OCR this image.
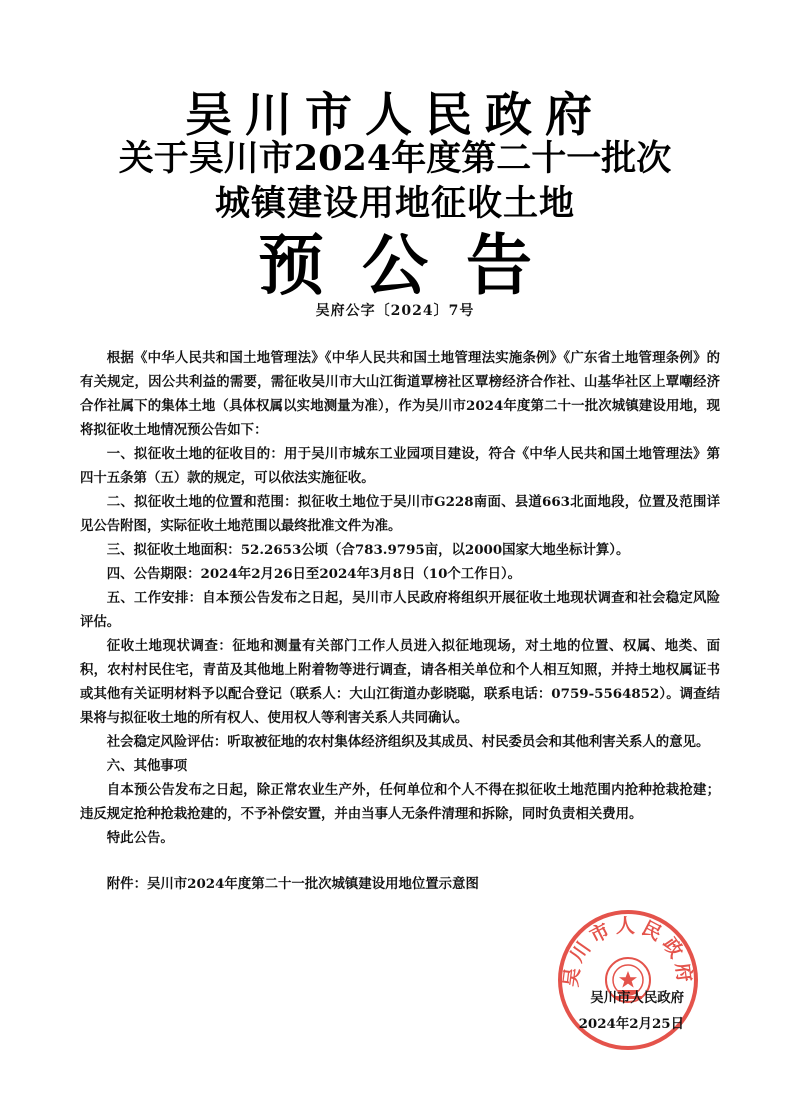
吴川市人民政府
关于吴川市2024年度第二十一批次
城镇建设用地征收土地
预公告
吴府公字〔2024〕7号

根据《中华人民共和国土地管理法》《中华人民共和国土地管理法实施条例》《广东省土地管理条例》的有关规定，因公共利益的需要，需征收吴川市大山江街道覃榜社区覃榜经济合作社、山基华社区上覃嘲经济合作社属下的集体土地（具体权属以实地测量为准），作为吴川市2024年度第二十一批次城镇建设用地，现将拟征收土地情况预公告如下：

一、拟征收土地的征收目的：用于吴川市城东工业园项目建设，符合《中华人民共和国土地管理法》第四十五条第（五）款的规定，可以依法实施征收。

二、拟征收土地的位置和范围：拟征收土地位于吴川市G228南面、县道663北面地段，位置及范围详见公告附图，实际征收土地范围以最终批准文件为准。

三、拟征收土地面积：52.2653公顷（合783.9795亩，以2000国家大地坐标计算）。

四、公告期限：2024年2月26日至2024年3月8日（10个工作日）。

五、工作安排：自本预公告发布之日起，吴川市人民政府将组织开展征收土地现状调查和社会稳定风险评估。

征收土地现状调查：征地和测量有关部门工作人员进入拟征地现场，对土地的位置、权属、地类、面积，农村村民住宅，青苗及其他地上附着物等进行调查，请各相关单位和个人相互知照，并持土地权属证书或其他有关证明材料予以配合登记（联系人：大山江街道办彭晓聪，联系电话：0759-5564852）。调查结果将与拟征收土地的所有权人、使用权人等利害关系人共同确认。

社会稳定风险评估：听取被征地的农村集体经济组织及其成员、村民委员会和其他利害关系人的意见。

六、其他事项

自本预公告发布之日起，除正常农业生产外，任何单位和个人不得在拟征收土地范围内抢种抢栽抢建；违反规定抢种抢栽抢建的，不予补偿安置，并由当事人无条件清理和拆除，同时负责相关费用。

特此公告。

附件：吴川市2024年度第二十一批次城镇建设用地位置示意图

吴川市人民政府
吴川市人民政府
2024年2月25日
